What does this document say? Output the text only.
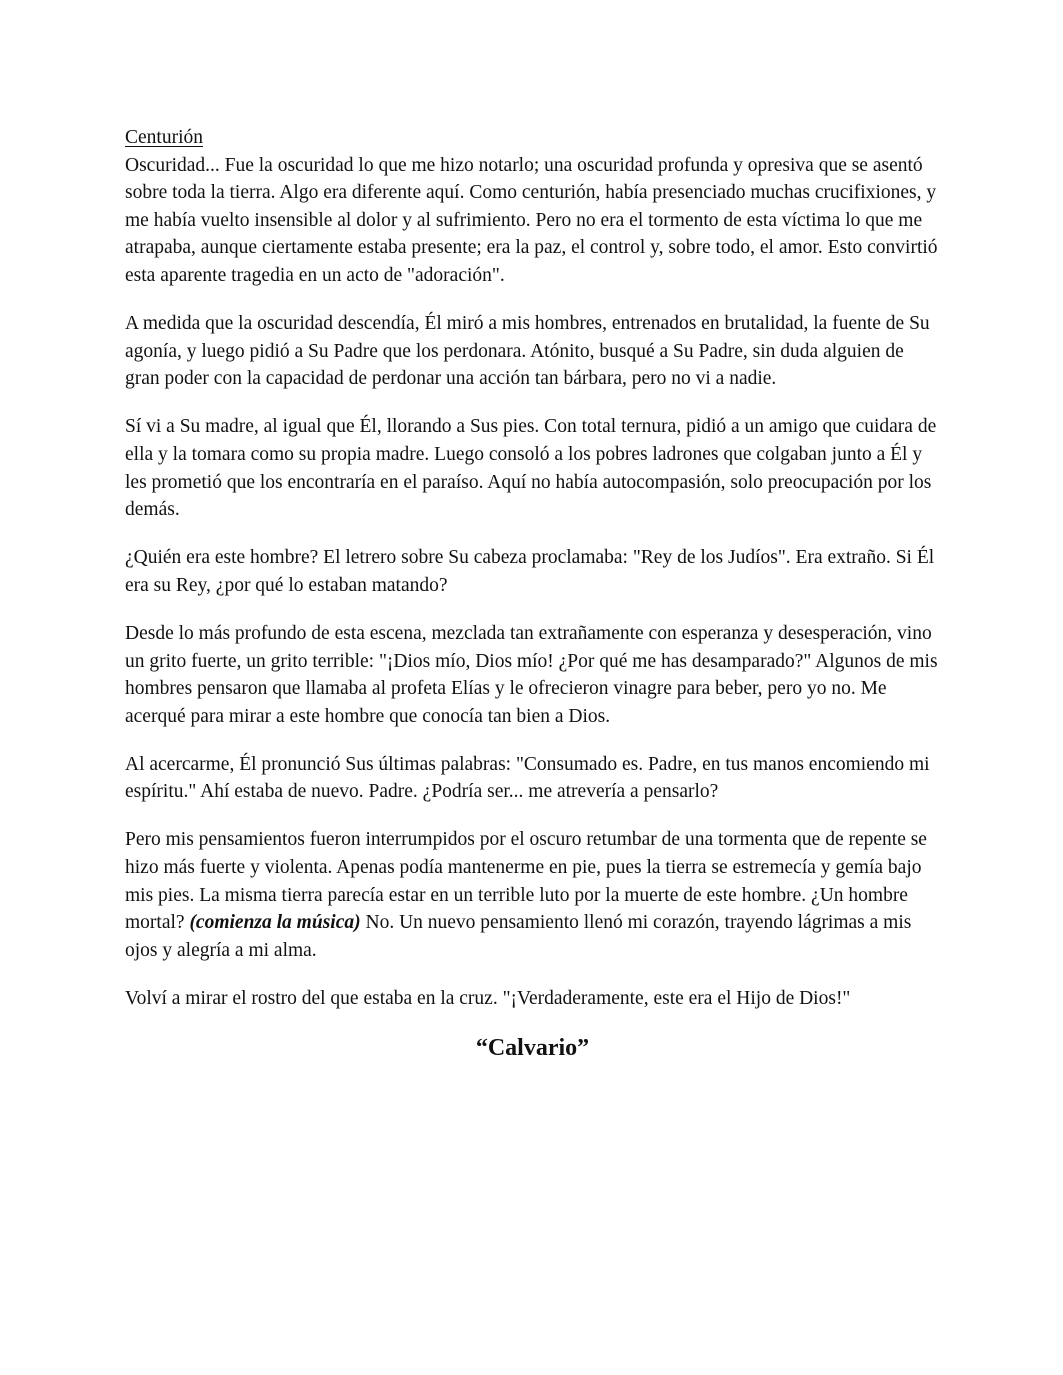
Centurión

Oscuridad... Fue la oscuridad lo que me hizo notarlo; una oscuridad profunda y opresiva que se asentó sobre toda la tierra. Algo era diferente aquí. Como centurión, había presenciado muchas crucifixiones, y me había vuelto insensible al dolor y al sufrimiento. Pero no era el tormento de esta víctima lo que me atrapaba, aunque ciertamente estaba presente; era la paz, el control y, sobre todo, el amor. Esto convirtió esta aparente tragedia en un acto de "adoración".

A medida que la oscuridad descendía, Él miró a mis hombres, entrenados en brutalidad, la fuente de Su agonía, y luego pidió a Su Padre que los perdonara. Atónito, busqué a Su Padre, sin duda alguien de gran poder con la capacidad de perdonar una acción tan bárbara, pero no vi a nadie.

Sí vi a Su madre, al igual que Él, llorando a Sus pies. Con total ternura, pidió a un amigo que cuidara de ella y la tomara como su propia madre. Luego consoló a los pobres ladrones que colgaban junto a Él y les prometió que los encontraría en el paraíso. Aquí no había autocompasión, solo preocupación por los demás.

¿Quién era este hombre? El letrero sobre Su cabeza proclamaba: "Rey de los Judíos". Era extraño. Si Él era su Rey, ¿por qué lo estaban matando?

Desde lo más profundo de esta escena, mezclada tan extrañamente con esperanza y desesperación, vino un grito fuerte, un grito terrible: "¡Dios mío, Dios mío! ¿Por qué me has desamparado?" Algunos de mis hombres pensaron que llamaba al profeta Elías y le ofrecieron vinagre para beber, pero yo no. Me acerqué para mirar a este hombre que conocía tan bien a Dios.

Al acercarme, Él pronunció Sus últimas palabras: "Consumado es. Padre, en tus manos encomiendo mi espíritu." Ahí estaba de nuevo. Padre. ¿Podría ser... me atrevería a pensarlo?

Pero mis pensamientos fueron interrumpidos por el oscuro retumbar de una tormenta que de repente se hizo más fuerte y violenta. Apenas podía mantenerme en pie, pues la tierra se estremecía y gemía bajo mis pies. La misma tierra parecía estar en un terrible luto por la muerte de este hombre. ¿Un hombre mortal? (comienza la música) No. Un nuevo pensamiento llenó mi corazón, trayendo lágrimas a mis ojos y alegría a mi alma.

Volví a mirar el rostro del que estaba en la cruz. "¡Verdaderamente, este era el Hijo de Dios!"

“Calvario”
